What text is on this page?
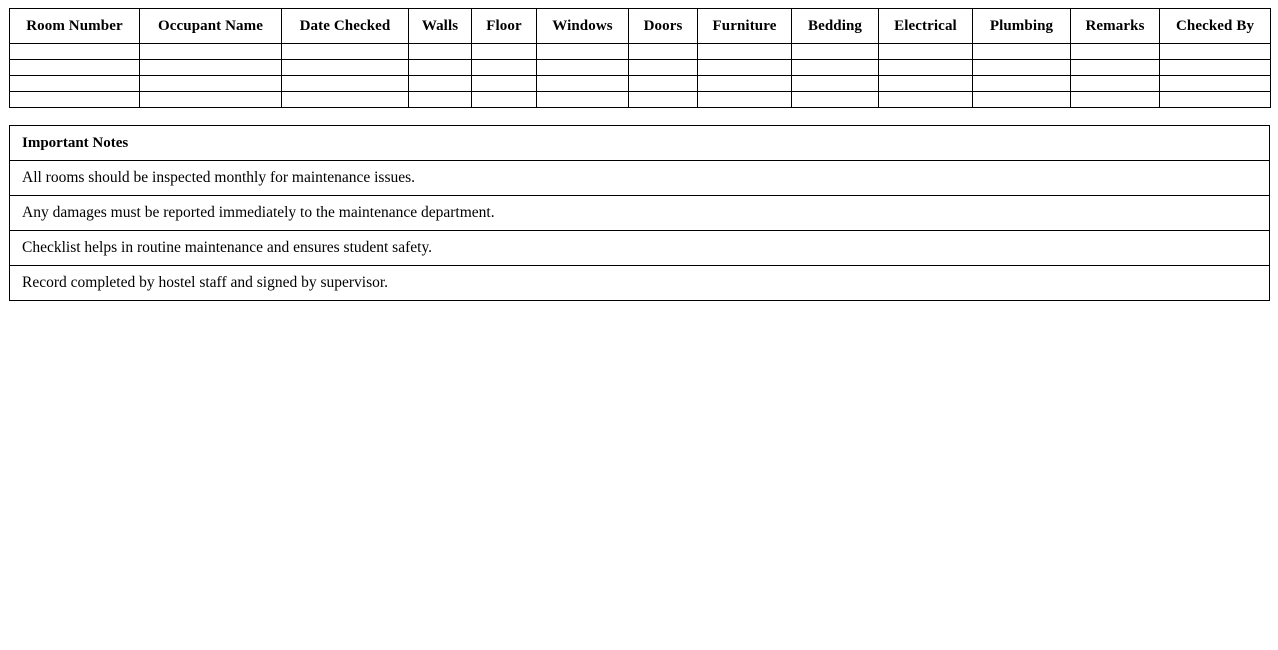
Room Number	Occupant Name	Date Checked	Walls	Floor	Windows	Doors	Furniture	Bedding	Electrical	Plumbing	Remarks	Checked By

Important Notes
All rooms should be inspected monthly for maintenance issues.
Any damages must be reported immediately to the maintenance department.
Checklist helps in routine maintenance and ensures student safety.
Record completed by hostel staff and signed by supervisor.
